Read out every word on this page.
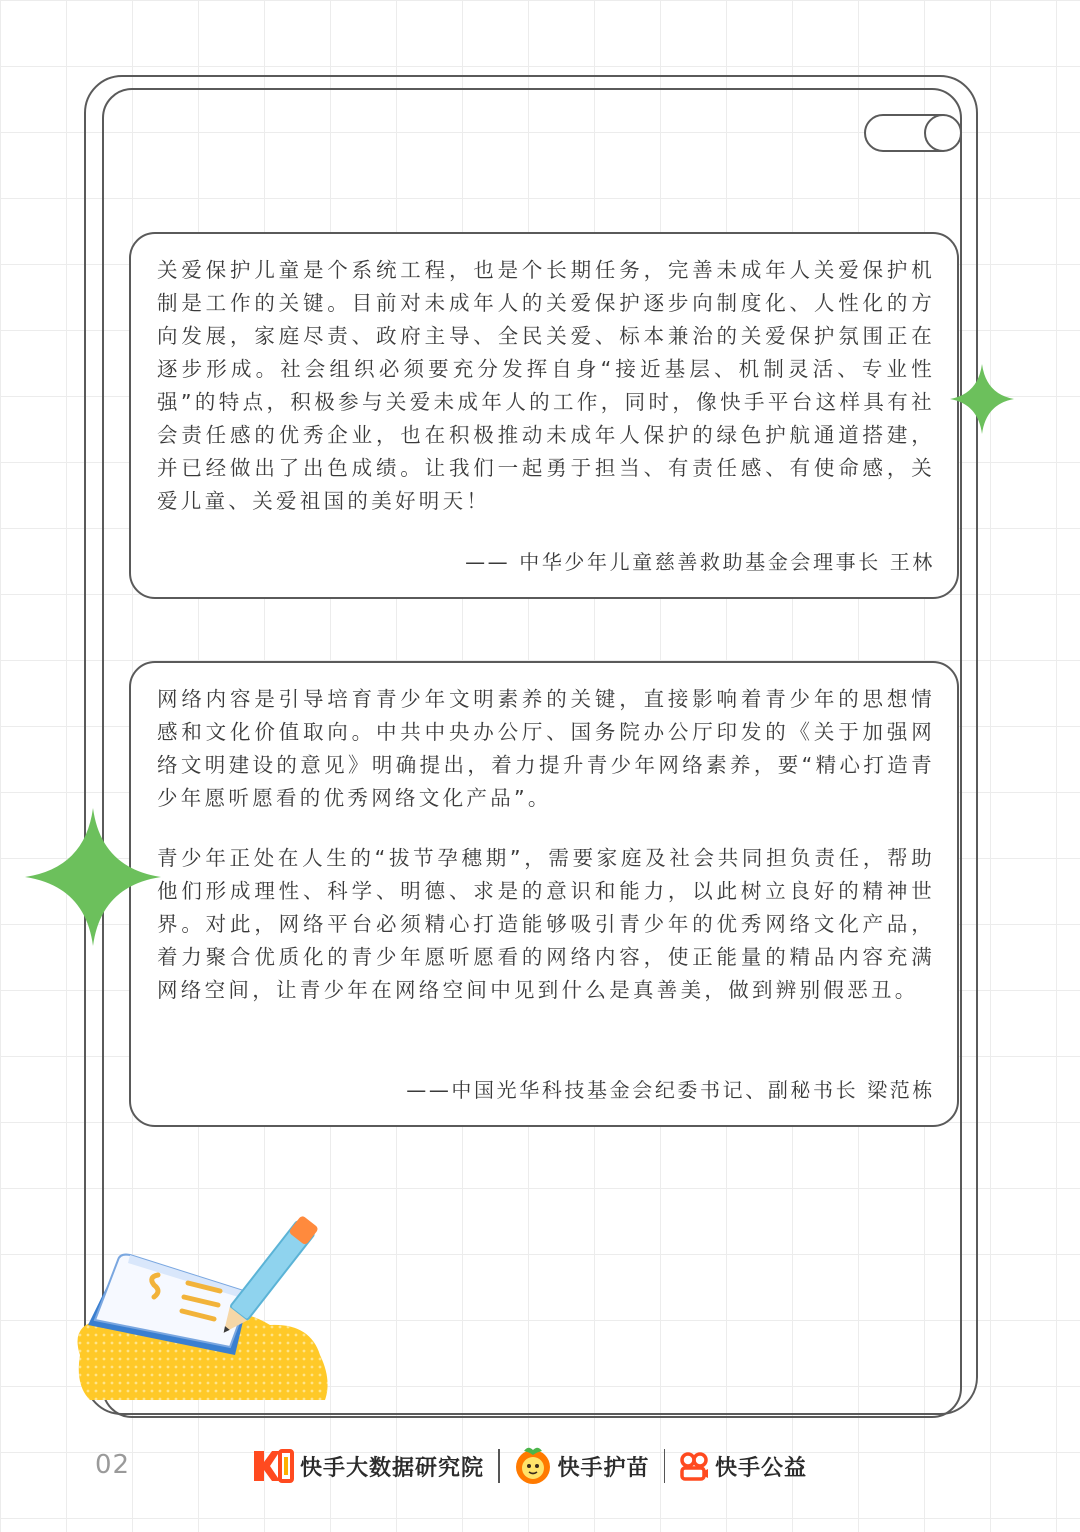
关爱保护儿童是个系统工程，也是个长期任务，完善未成年人关爱保护机制是工作的关键。目前对未成年人的关爱保护逐步向制度化、人性化的方向发展，家庭尽责、政府主导、全民关爱、标本兼治的关爱保护氛围正在逐步形成。社会组织必须要充分发挥自身“接近基层、机制灵活、专业性强”的特点，积极参与关爱未成年人的工作，同时，像快手平台这样具有社会责任感的优秀企业，也在积极推动未成年人保护的绿色护航通道搭建，并已经做出了出色成绩。让我们一起勇于担当、有责任感、有使命感，关爱儿童、关爱祖国的美好明天！

—— 中华少年儿童慈善救助基金会理事长 王林

网络内容是引导培育青少年文明素养的关键，直接影响着青少年的思想情感和文化价值取向。中共中央办公厅、国务院办公厅印发的《关于加强网络文明建设的意见》明确提出，着力提升青少年网络素养，要“精心打造青少年愿听愿看的优秀网络文化产品”。

青少年正处在人生的“拔节孕穗期”，需要家庭及社会共同担负责任，帮助他们形成理性、科学、明德、求是的意识和能力，以此树立良好的精神世界。对此，网络平台必须精心打造能够吸引青少年的优秀网络文化产品，着力聚合优质化的青少年愿听愿看的网络内容，使正能量的精品内容充满网络空间，让青少年在网络空间中见到什么是真善美，做到辨别假恶丑。

——中国光华科技基金会纪委书记、副秘书长 梁范栋
02	快手大数据研究院	快手护苗	快手公益
